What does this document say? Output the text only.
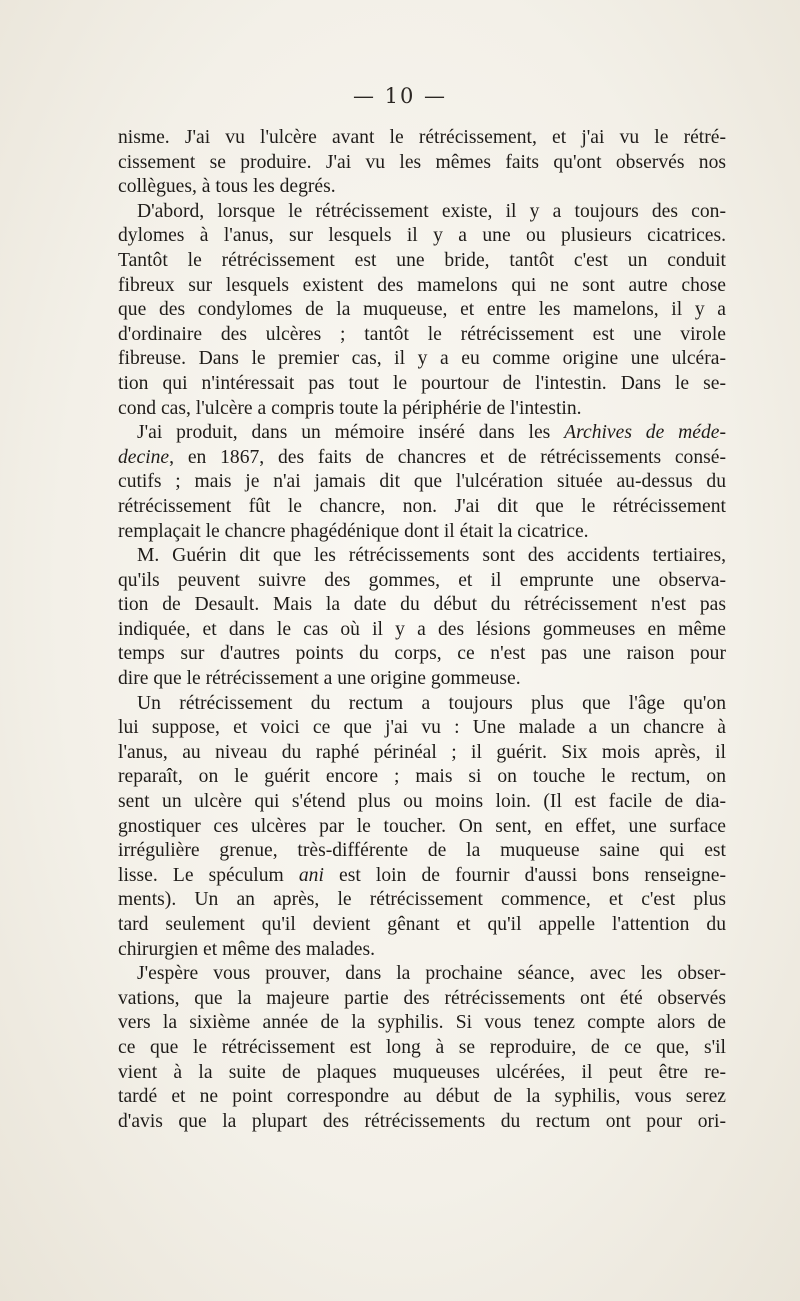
— 10 —
nisme. J'ai vu l'ulcère avant le rétrécissement, et j'ai vu le rétré-
cissement se produire. J'ai vu les mêmes faits qu'ont observés nos
collègues, à tous les degrés.
D'abord, lorsque le rétrécissement existe, il y a toujours des con-
dylomes à l'anus, sur lesquels il y a une ou plusieurs cicatrices.
Tantôt le rétrécissement est une bride, tantôt c'est un conduit
fibreux sur lesquels existent des mamelons qui ne sont autre chose
que des condylomes de la muqueuse, et entre les mamelons, il y a
d'ordinaire des ulcères ; tantôt le rétrécissement est une virole
fibreuse. Dans le premier cas, il y a eu comme origine une ulcéra-
tion qui n'intéressait pas tout le pourtour de l'intestin. Dans le se-
cond cas, l'ulcère a compris toute la périphérie de l'intestin.
J'ai produit, dans un mémoire inséré dans les Archives de méde-
decine, en 1867, des faits de chancres et de rétrécissements consé-
cutifs ; mais je n'ai jamais dit que l'ulcération située au-dessus du
rétrécissement fût le chancre, non. J'ai dit que le rétrécissement
remplaçait le chancre phagédénique dont il était la cicatrice.
M. Guérin dit que les rétrécissements sont des accidents tertiaires,
qu'ils peuvent suivre des gommes, et il emprunte une observa-
tion de Desault. Mais la date du début du rétrécissement n'est pas
indiquée, et dans le cas où il y a des lésions gommeuses en même
temps sur d'autres points du corps, ce n'est pas une raison pour
dire que le rétrécissement a une origine gommeuse.
Un rétrécissement du rectum a toujours plus que l'âge qu'on
lui suppose, et voici ce que j'ai vu : Une malade a un chancre à
l'anus, au niveau du raphé périnéal ; il guérit. Six mois après, il
reparaît, on le guérit encore ; mais si on touche le rectum, on
sent un ulcère qui s'étend plus ou moins loin. (Il est facile de dia-
gnostiquer ces ulcères par le toucher. On sent, en effet, une surface
irrégulière grenue, très-différente de la muqueuse saine qui est
lisse. Le spéculum ani est loin de fournir d'aussi bons renseigne-
ments). Un an après, le rétrécissement commence, et c'est plus
tard seulement qu'il devient gênant et qu'il appelle l'attention du
chirurgien et même des malades.
J'espère vous prouver, dans la prochaine séance, avec les obser-
vations, que la majeure partie des rétrécissements ont été observés
vers la sixième année de la syphilis. Si vous tenez compte alors de
ce que le rétrécissement est long à se reproduire, de ce que, s'il
vient à la suite de plaques muqueuses ulcérées, il peut être re-
tardé et ne point correspondre au début de la syphilis, vous serez
d'avis que la plupart des rétrécissements du rectum ont pour ori-
